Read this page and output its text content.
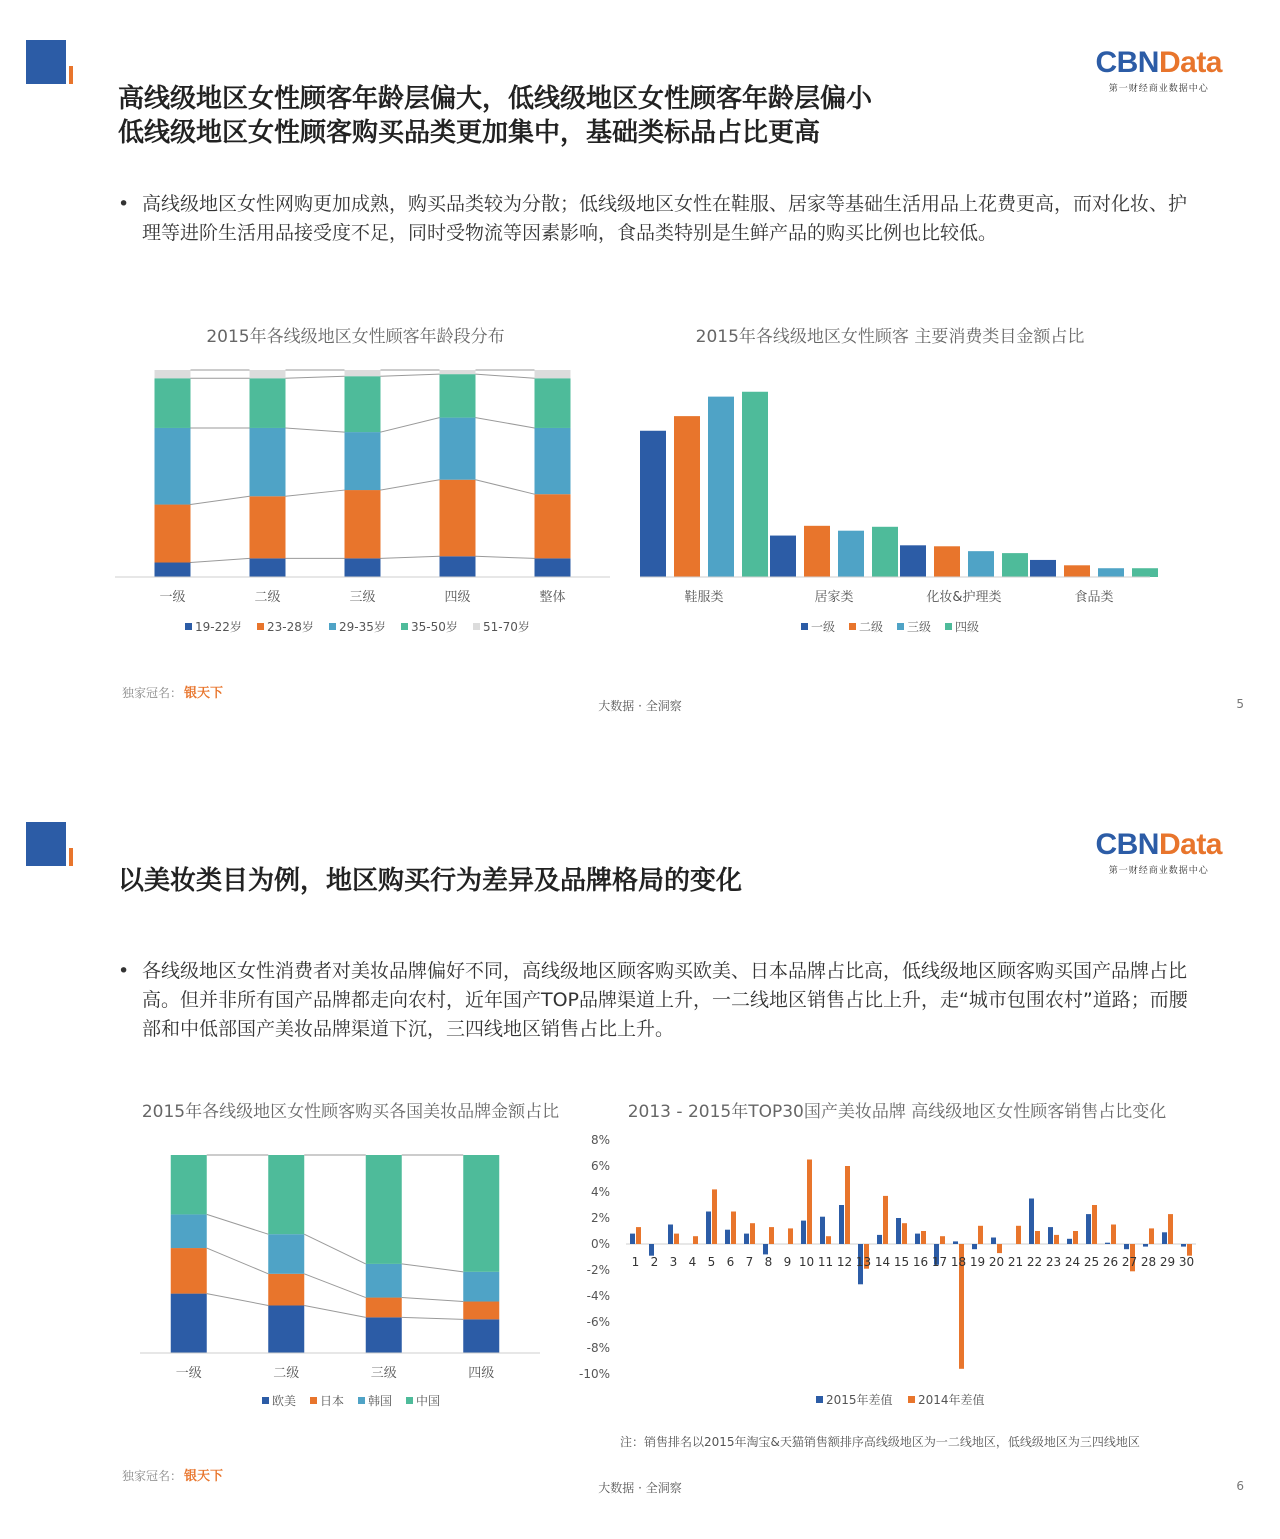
CBNData
第一财经商业数据中心
高线级地区女性顾客年龄层偏大，低线级地区女性顾客年龄层偏小
低线级地区女性顾客购买品类更加集中，基础类标品占比更高
• 高线级地区女性网购更加成熟，购买品类较为分散；低线级地区女性在鞋服、居家等基础生活用品上花费更高，而对化妆、护理等进阶生活用品接受度不足，同时受物流等因素影响，食品类特别是生鲜产品的购买比例也比较低。
2015年各线级地区女性顾客年龄段分布
一级	二级	三级	四级	整体
19-22岁 23-28岁 29-35岁 35-50岁 51-70岁
2015年各线级地区女性顾客 主要消费类目金额占比
鞋服类	居家类	化妆&护理类	食品类
一级 二级 三级 四级
独家冠名： 银天下
大数据 · 全洞察	5
CBNData
第一财经商业数据中心
以美妆类目为例，地区购买行为差异及品牌格局的变化
• 各线级地区女性消费者对美妆品牌偏好不同，高线级地区顾客购买欧美、日本品牌占比高，低线级地区顾客购买国产品牌占比高。但并非所有国产品牌都走向农村，近年国产TOP品牌渠道上升，一二线地区销售占比上升，走“城市包围农村”道路；而腰部和中低部国产美妆品牌渠道下沉，三四线地区销售占比上升。
2015年各线级地区女性顾客购买各国美妆品牌金额占比
一级	二级	三级	四级
欧美 日本 韩国 中国
2013 - 2015年TOP30国产美妆品牌 高线级地区女性顾客销售占比变化
8%
6%
4%
2%
0%
-2%
-4%
-6%
-8%
-10%
1 2 3 4 5 6 7 8 9 10 11 12 13 14 15 16 17 18 19 20 21 22 23 24 25 26 27 28 29 30
2015年差值 2014年差值
注：销售排名以2015年淘宝&天猫销售额排序高线级地区为一二线地区，低线级地区为三四线地区
独家冠名： 银天下
大数据 · 全洞察	6
